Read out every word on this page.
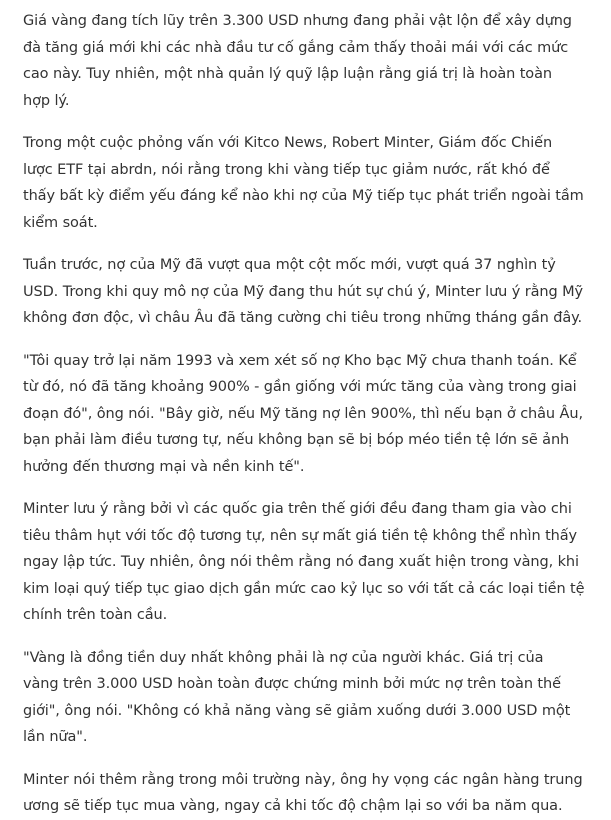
Giá vàng đang tích lũy trên 3.300 USD nhưng đang phải vật lộn để xây dựng
đà tăng giá mới khi các nhà đầu tư cố gắng cảm thấy thoải mái với các mức
cao này. Tuy nhiên, một nhà quản lý quỹ lập luận rằng giá trị là hoàn toàn
hợp lý.

Trong một cuộc phỏng vấn với Kitco News, Robert Minter, Giám đốc Chiến
lược ETF tại abrdn, nói rằng trong khi vàng tiếp tục giảm nước, rất khó để
thấy bất kỳ điểm yếu đáng kể nào khi nợ của Mỹ tiếp tục phát triển ngoài tầm
kiểm soát.

Tuần trước, nợ của Mỹ đã vượt qua một cột mốc mới, vượt quá 37 nghìn tỷ
USD. Trong khi quy mô nợ của Mỹ đang thu hút sự chú ý, Minter lưu ý rằng Mỹ
không đơn độc, vì châu Âu đã tăng cường chi tiêu trong những tháng gần đây.

"Tôi quay trở lại năm 1993 và xem xét số nợ Kho bạc Mỹ chưa thanh toán. Kể
từ đó, nó đã tăng khoảng 900% - gần giống với mức tăng của vàng trong giai
đoạn đó", ông nói. "Bây giờ, nếu Mỹ tăng nợ lên 900%, thì nếu bạn ở châu Âu,
bạn phải làm điều tương tự, nếu không bạn sẽ bị bóp méo tiền tệ lớn sẽ ảnh
hưởng đến thương mại và nền kinh tế".

Minter lưu ý rằng bởi vì các quốc gia trên thế giới đều đang tham gia vào chi
tiêu thâm hụt với tốc độ tương tự, nên sự mất giá tiền tệ không thể nhìn thấy
ngay lập tức. Tuy nhiên, ông nói thêm rằng nó đang xuất hiện trong vàng, khi
kim loại quý tiếp tục giao dịch gần mức cao kỷ lục so với tất cả các loại tiền tệ
chính trên toàn cầu.

"Vàng là đồng tiền duy nhất không phải là nợ của người khác. Giá trị của
vàng trên 3.000 USD hoàn toàn được chứng minh bởi mức nợ trên toàn thế
giới", ông nói. "Không có khả năng vàng sẽ giảm xuống dưới 3.000 USD một
lần nữa".

Minter nói thêm rằng trong môi trường này, ông hy vọng các ngân hàng trung
ương sẽ tiếp tục mua vàng, ngay cả khi tốc độ chậm lại so với ba năm qua.
